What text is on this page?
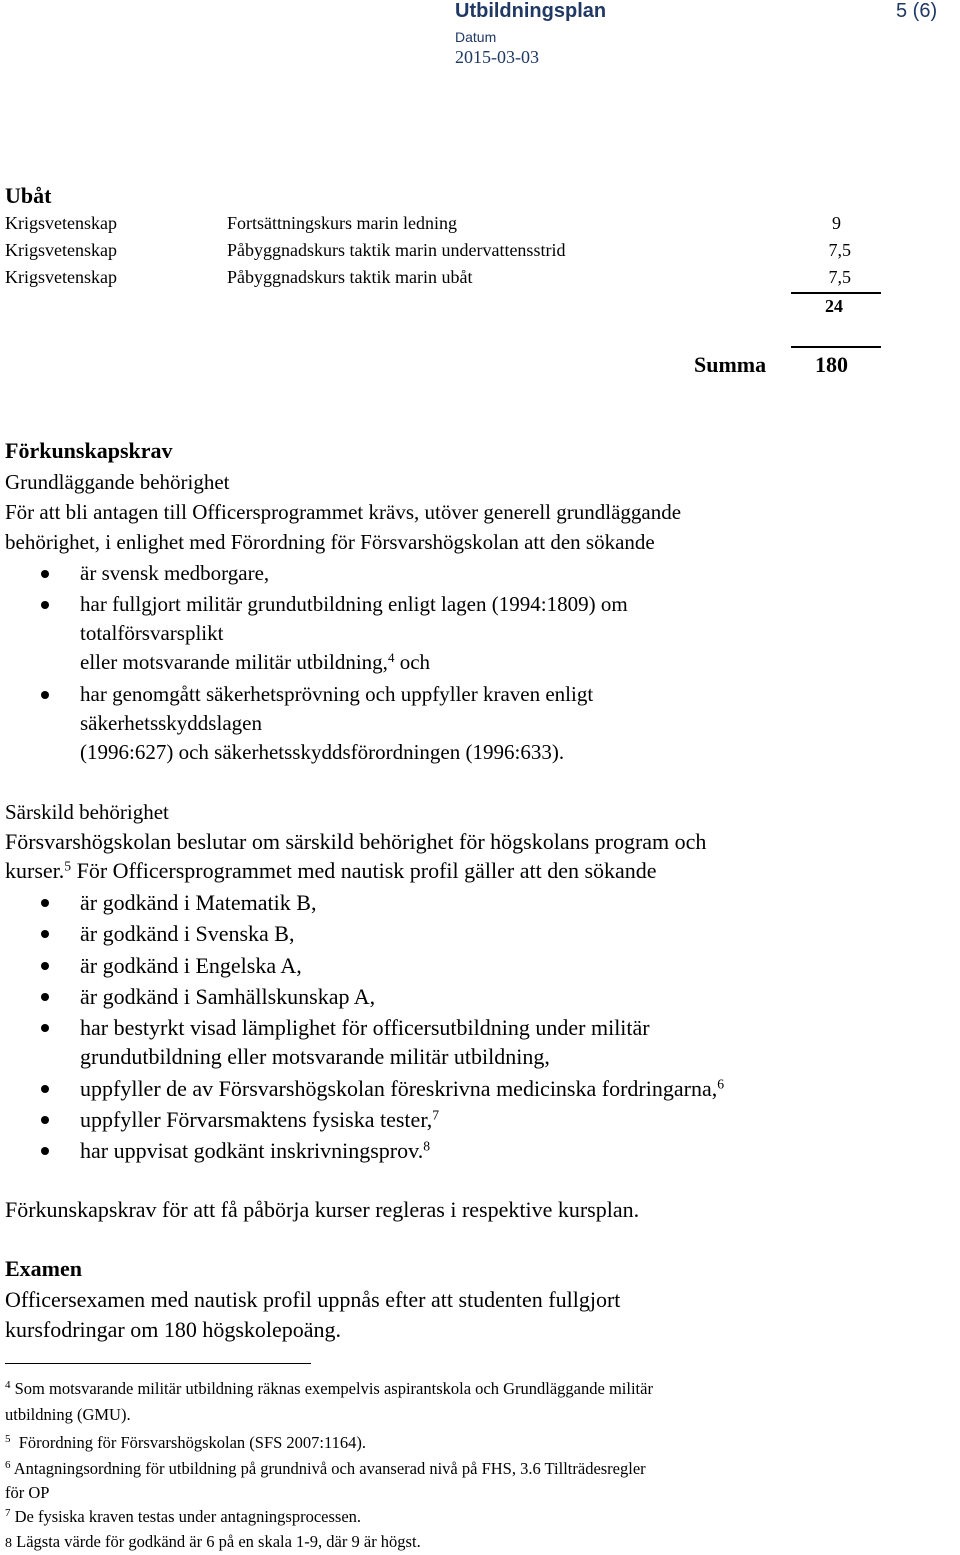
Utbildningsplan	5 (6)
Datum
2015-03-03
Ubåt
Krigsvetenskap	Fortsättningskurs marin ledning	9
Krigsvetenskap	Påbyggnadskurs taktik marin undervattensstrid	7,5
Krigsvetenskap	Påbyggnadskurs taktik marin ubåt	7,5
24
Summa 180
Förkunskapskrav
Grundläggande behörighet
För att bli antagen till Officersprogrammet krävs, utöver generell grundläggande
behörighet, i enlighet med Förordning för Försvarshögskolan att den sökande
är svensk medborgare,
har fullgjort militär grundutbildning enligt lagen (1994:1809) om
totalförsvarsplikt
eller motsvarande militär utbildning,$^4$ och
har genomgått säkerhetsprövning och uppfyller kraven enligt
säkerhetsskyddslagen
(1996:627) och säkerhetsskyddsförordningen (1996:633).
Särskild behörighet
Försvarshögskolan beslutar om särskild behörighet för högskolans program och
kurser.$^5$ För Officersprogrammet med nautisk profil gäller att den sökande
är godkänd i Matematik B,
är godkänd i Svenska B,
är godkänd i Engelska A,
är godkänd i Samhällskunskap A,
har bestyrkt visad lämplighet för officersutbildning under militär
grundutbildning eller motsvarande militär utbildning,
uppfyller de av Försvarshögskolan föreskrivna medicinska fordringarna,$^6$
uppfyller Förvarsmaktens fysiska tester,$^7$
har uppvisat godkänt inskrivningsprov.$^8$
Förkunskapskrav för att få påbörja kurser regleras i respektive kursplan.
Examen
Officersexamen med nautisk profil uppnås efter att studenten fullgjort
kursfodringar om 180 högskolepoäng.
$^4$ Som motsvarande militär utbildning räknas exempelvis aspirantskola och Grundläggande militär
utbildning (GMU).
$^5$ Förordning för Försvarshögskolan (SFS 2007:1164).
$^6$ Antagningsordning för utbildning på grundnivå och avanserad nivå på FHS, 3.6 Tillträdesregler
för OP
$^7$ De fysiska kraven testas under antagningsprocessen.
8 Lägsta värde för godkänd är 6 på en skala 1-9, där 9 är högst.
